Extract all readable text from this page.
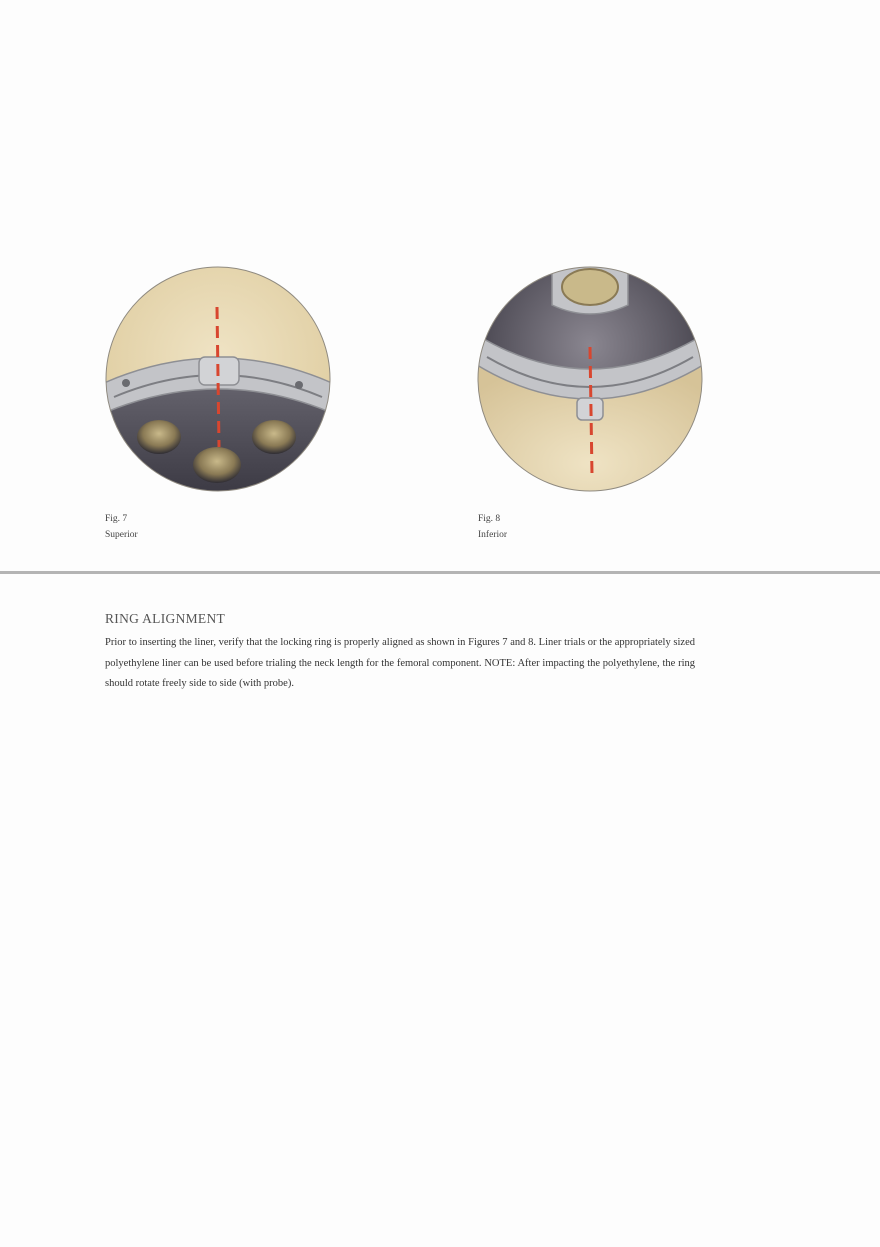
Fig. 7
Superior
Fig. 8
Inferior
RING ALIGNMENT
Prior to inserting the liner, verify that the locking ring is properly aligned as shown in Figures 7 and 8. Liner trials or the appropriately sized polyethylene liner can be used before trialing the neck length for the femoral component. NOTE: After impacting the polyethylene, the ring should rotate freely side to side (with probe).
